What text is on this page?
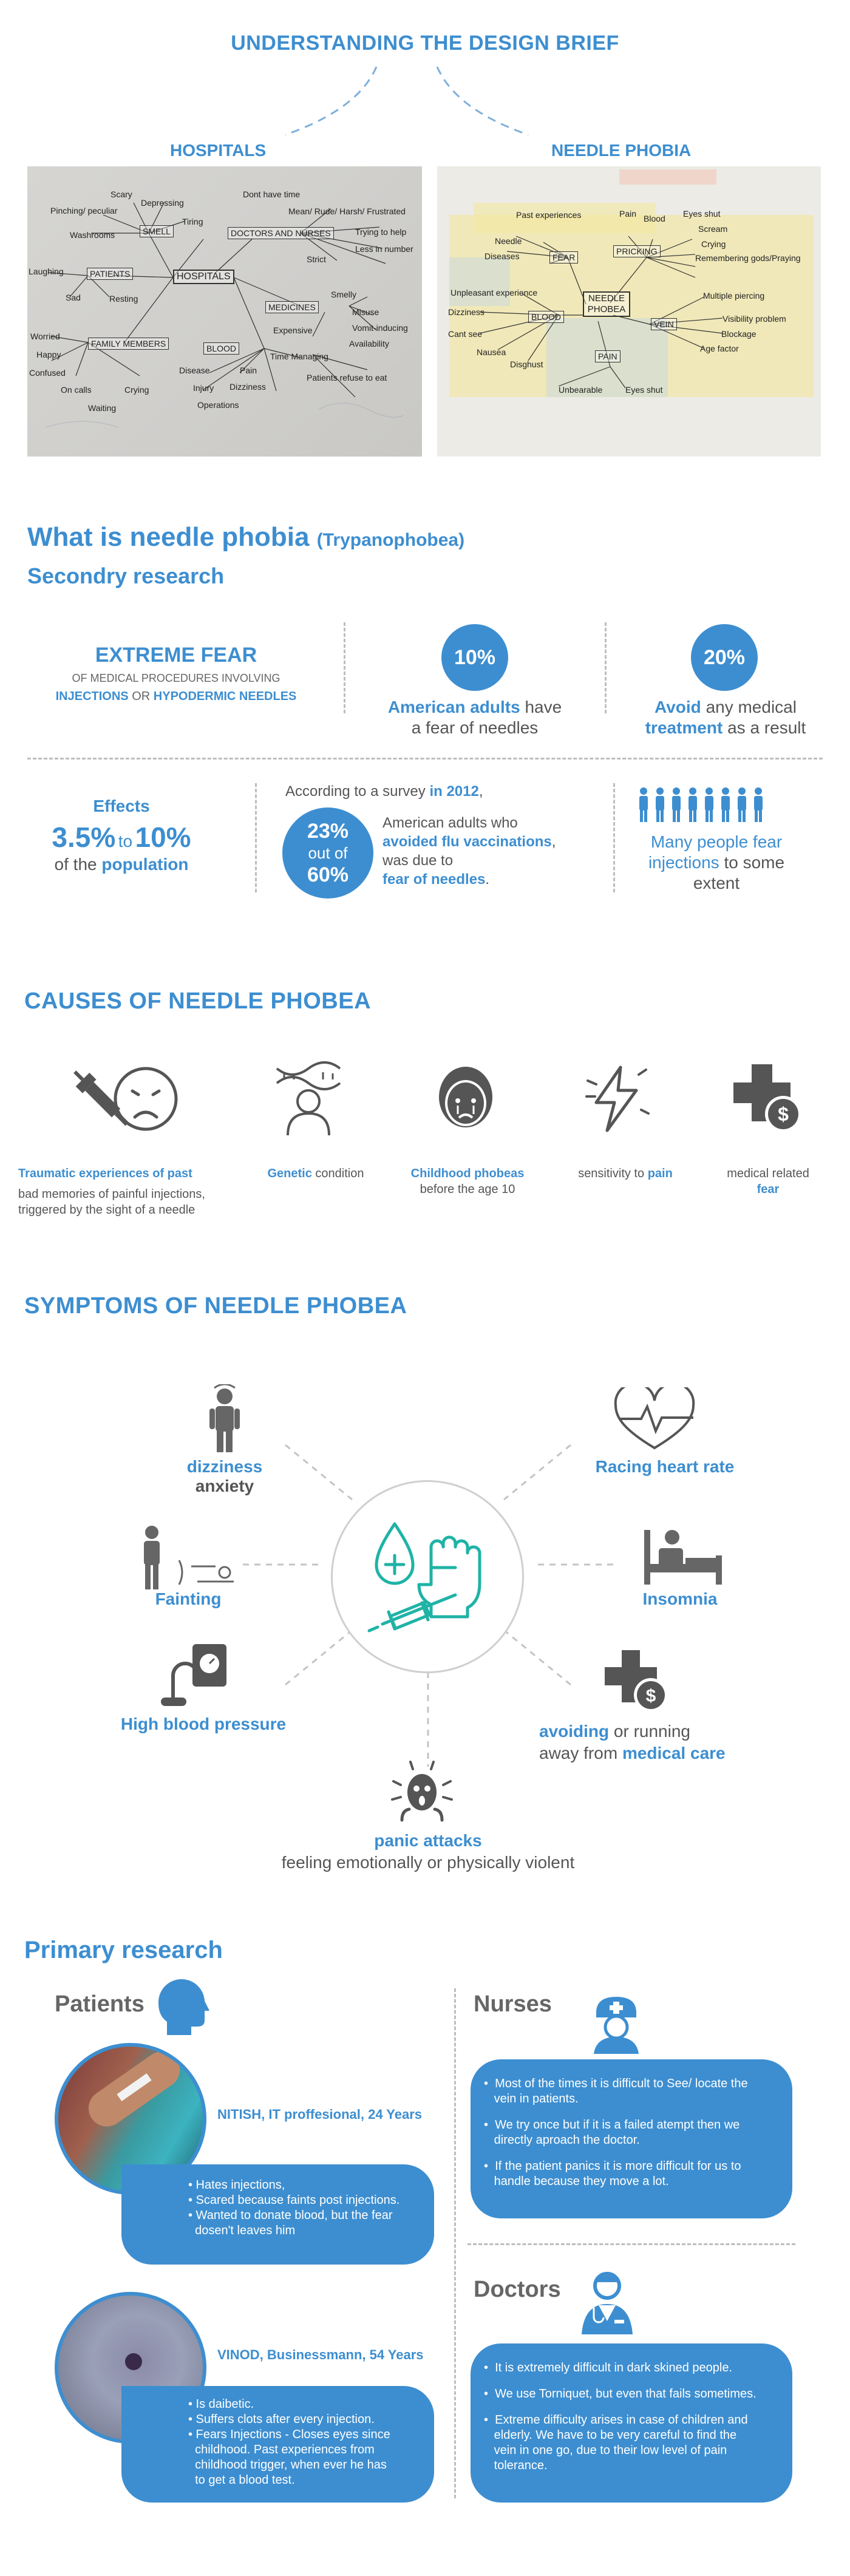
UNDERSTANDING THE DESIGN BRIEF
HOSPITALS	NEEDLE PHOBIA
Scary
Depressing
Pinching/ peculiar
Tiring
Washrooms	SMELL
Dont have time
Mean/ Rude/ Harsh/ Frustrated
DOCTORS AND NURSES	Trying to help
Less in number
Strict
Laughing	PATIENTS
Sad	Resting
MEDICINES
Smelly
Misuse
Vomit-inducing
Availability
Expensive
Worried
Happy
FAMILY MEMBERS	BLOOD
Time Managing
Confused	Disease	Pain
Patients refuse to eat
On calls	Crying	Injury Dizziness
Waiting	Operations
HOSPITALS
Past experiences	Pain Blood Eyes shut
Needle
Scream
Diseases	FEAR
PRICKING
Crying
Remembering gods/Praying
Unpleasant experience	Multiple piercing
Dizziness	BLOOD
VEIN
Visibility problem
Cant see	Blockage
Nausea	Age factor
Disghust
PAIN
Unbearable	Eyes shut
NEEDLE PHOBEA
What is needle phobia (Trypanophobea)
Secondry research
EXTREME FEAR
OF MEDICAL PROCEDURES INVOLVING
INJECTIONS OR HYPODERMIC NEEDLES
10%
American adults have
a fear of needles
20%
Avoid any medical
treatment as a result
Effects
3.5% to 10%
of the population
According to a survey in 2012,
23%
out of
60%
American adults who
avoided flu vaccinations,
was due to
fear of needles.
Many people fear
injections to some
extent
CAUSES OF NEEDLE PHOBEA
$
Traumatic experiences of past
bad memories of painful injections,
triggered by the sight of a needle
Genetic condition	Childhood phobeas
before the age 10
sensitivity to pain	medical related
fear
SYMPTOMS OF NEEDLE PHOBEA
dizziness
anxiety
Fainting
High blood pressure
Racing heart rate
Insomnia
$
avoiding or running
away from medical care
panic attacks
feeling emotionally or physically violent
Primary research
Patients	Nurses
NITISH, IT proffesional, 24 Years
• Hates injections,
• Scared because faints post injections.
• Wanted to donate blood, but the fear
dosen't leaves him
VINOD, Businessmann, 54 Years
• Is daibetic.
• Suffers clots after every injection.
• Fears Injections - Closes eyes since
childhood. Past experiences from
childhood trigger, when ever he has
to get a blood test.
•  Most of the times it is difficult to See/ locate the
vein in patients.
•  We try once but if it is a failed atempt then we
directly aproach the doctor.
•  If the patient panics it is more difficult for us to
handle because they move a lot.
Doctors
•  It is extremely difficult in dark skined people.
•  We use Torniquet, but even that fails sometimes.
•  Extreme difficulty arises in case of children and
elderly. We have to be very careful to find the
vein in one go, due to their low level of pain
tolerance.
